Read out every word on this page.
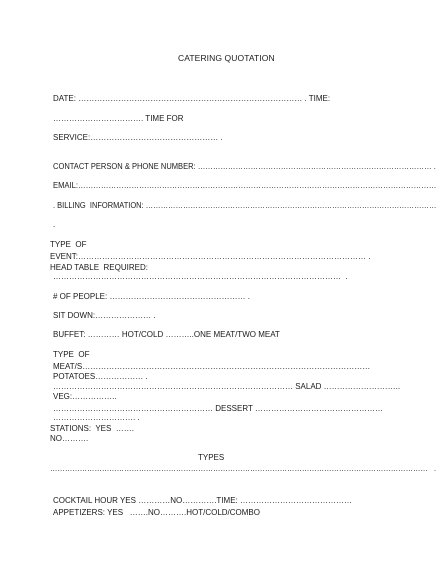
CATERING QUOTATION
DATE: ………………………………………………………………………… . TIME:
……………………………. TIME FOR
SERVICE:………………………………………… .
CONTACT PERSON & PHONE NUMBER: ………………………………………………………………………………… .
EMAIL:……………………………………………………………………………………………………………………………
. BILLING  INFORMATION: ………………………………………………………………………………………………………
.
TYPE  OF
EVENT:……………………………………………………………………………………………… .
HEAD TABLE  REQUIRED:
………………………………………………………………………………………………  .
# OF PEOPLE: …………………………………………… .
SIT DOWN:………………… .
BUFFET: ………… HOT/COLD ………..ONE MEAT/TWO MEAT
TYPE  OF
MEAT/S………………………………………………………………………………………………
POTATOES……………… .
……………………………………………………………………………… SALAD ………………………..
VEG:……………..
…………………………………………………… DESSERT …………………………………………
…………………………. .
STATIONS:  YES  …….
NO……….
TYPES
………………………………………………………………………………………………………………………………………   .
COCKTAIL HOUR YES …………NO………….TIME: ……………………………………
APPETIZERS: YES   …….NO……….HOT/COLD/COMBO
